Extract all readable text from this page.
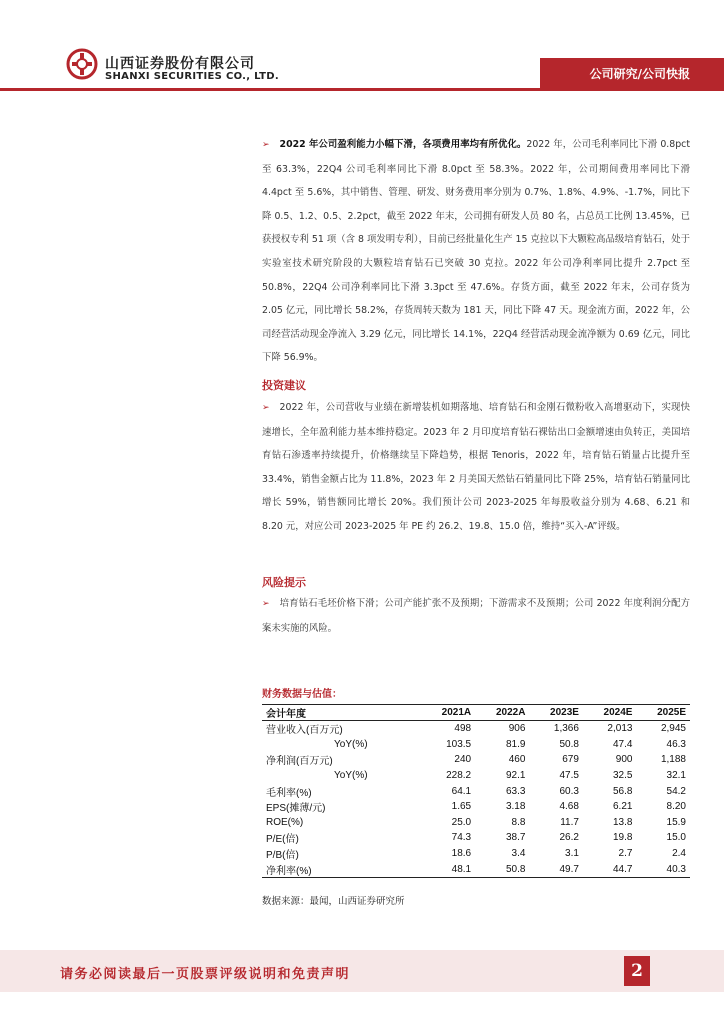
山西证券股份有限公司
SHANXI SECURITIES CO., LTD.	公司研究/公司快报
➢ 2022 年公司盈利能力小幅下滑，各项费用率均有所优化。2022 年，公司毛利率同比下滑 0.8pct 至 63.3%，22Q4 公司毛利率同比下滑 8.0pct 至 58.3%。2022 年，公司期间费用率同比下滑 4.4pct 至 5.6%，其中销售、管理、研发、财务费用率分别为 0.7%、1.8%、4.9%、-1.7%，同比下降 0.5、1.2、0.5、2.2pct，截至 2022 年末，公司拥有研发人员 80 名，占总员工比例 13.45%，已获授权专利 51 项（含 8 项发明专利），目前已经批量化生产 15 克拉以下大颗粒高品级培育钻石，处于实验室技术研究阶段的大颗粒培育钻石已突破 30 克拉。2022 年公司净利率同比提升 2.7pct 至 50.8%，22Q4 公司净利率同比下滑 3.3pct 至 47.6%。存货方面，截至 2022 年末，公司存货为 2.05 亿元，同比增长 58.2%，存货周转天数为 181 天，同比下降 47 天。现金流方面，2022 年，公司经营活动现金净流入 3.29 亿元，同比增长 14.1%，22Q4 经营活动现金流净额为 0.69 亿元，同比下降 56.9%。
投资建议
➢ 2022 年，公司营收与业绩在新增装机如期落地、培育钻石和金刚石微粉收入高增驱动下，实现快速增长，全年盈利能力基本维持稳定。2023 年 2 月印度培育钻石裸钻出口金额增速由负转正，美国培育钻石渗透率持续提升，价格继续呈下降趋势，根据 Tenoris，2022 年，培育钻石销量占比提升至 33.4%，销售金额占比为 11.8%，2023 年 2 月美国天然钻石销量同比下降 25%，培育钻石销量同比增长 59%，销售额同比增长 20%。我们预计公司 2023-2025 年每股收益分别为 4.68、6.21 和 8.20 元，对应公司 2023-2025 年 PE 约 26.2、19.8、15.0 倍，维持“买入-A”评级。
风险提示
➢ 培育钻石毛坯价格下滑；公司产能扩张不及预期；下游需求不及预期；公司 2022 年度利润分配方案未实施的风险。
财务数据与估值：
会计年度	2021A	2022A	2023E	2024E	2025E
营业收入(百万元)	498	906	1,366	2,013	2,945
YoY(%)	103.5	81.9	50.8	47.4	46.3
净利润(百万元)	240	460	679	900	1,188
YoY(%)	228.2	92.1	47.5	32.5	32.1
毛利率(%)	64.1	63.3	60.3	56.8	54.2
EPS(摊薄/元)	1.65	3.18	4.68	6.21	8.20
ROE(%)	25.0	8.8	11.7	13.8	15.9
P/E(倍)	74.3	38.7	26.2	19.8	15.0
P/B(倍)	18.6	3.4	3.1	2.7	2.4
净利率(%)	48.1	50.8	49.7	44.7	40.3
数据来源：最闻，山西证券研究所
请务必阅读最后一页股票评级说明和免责声明	2
